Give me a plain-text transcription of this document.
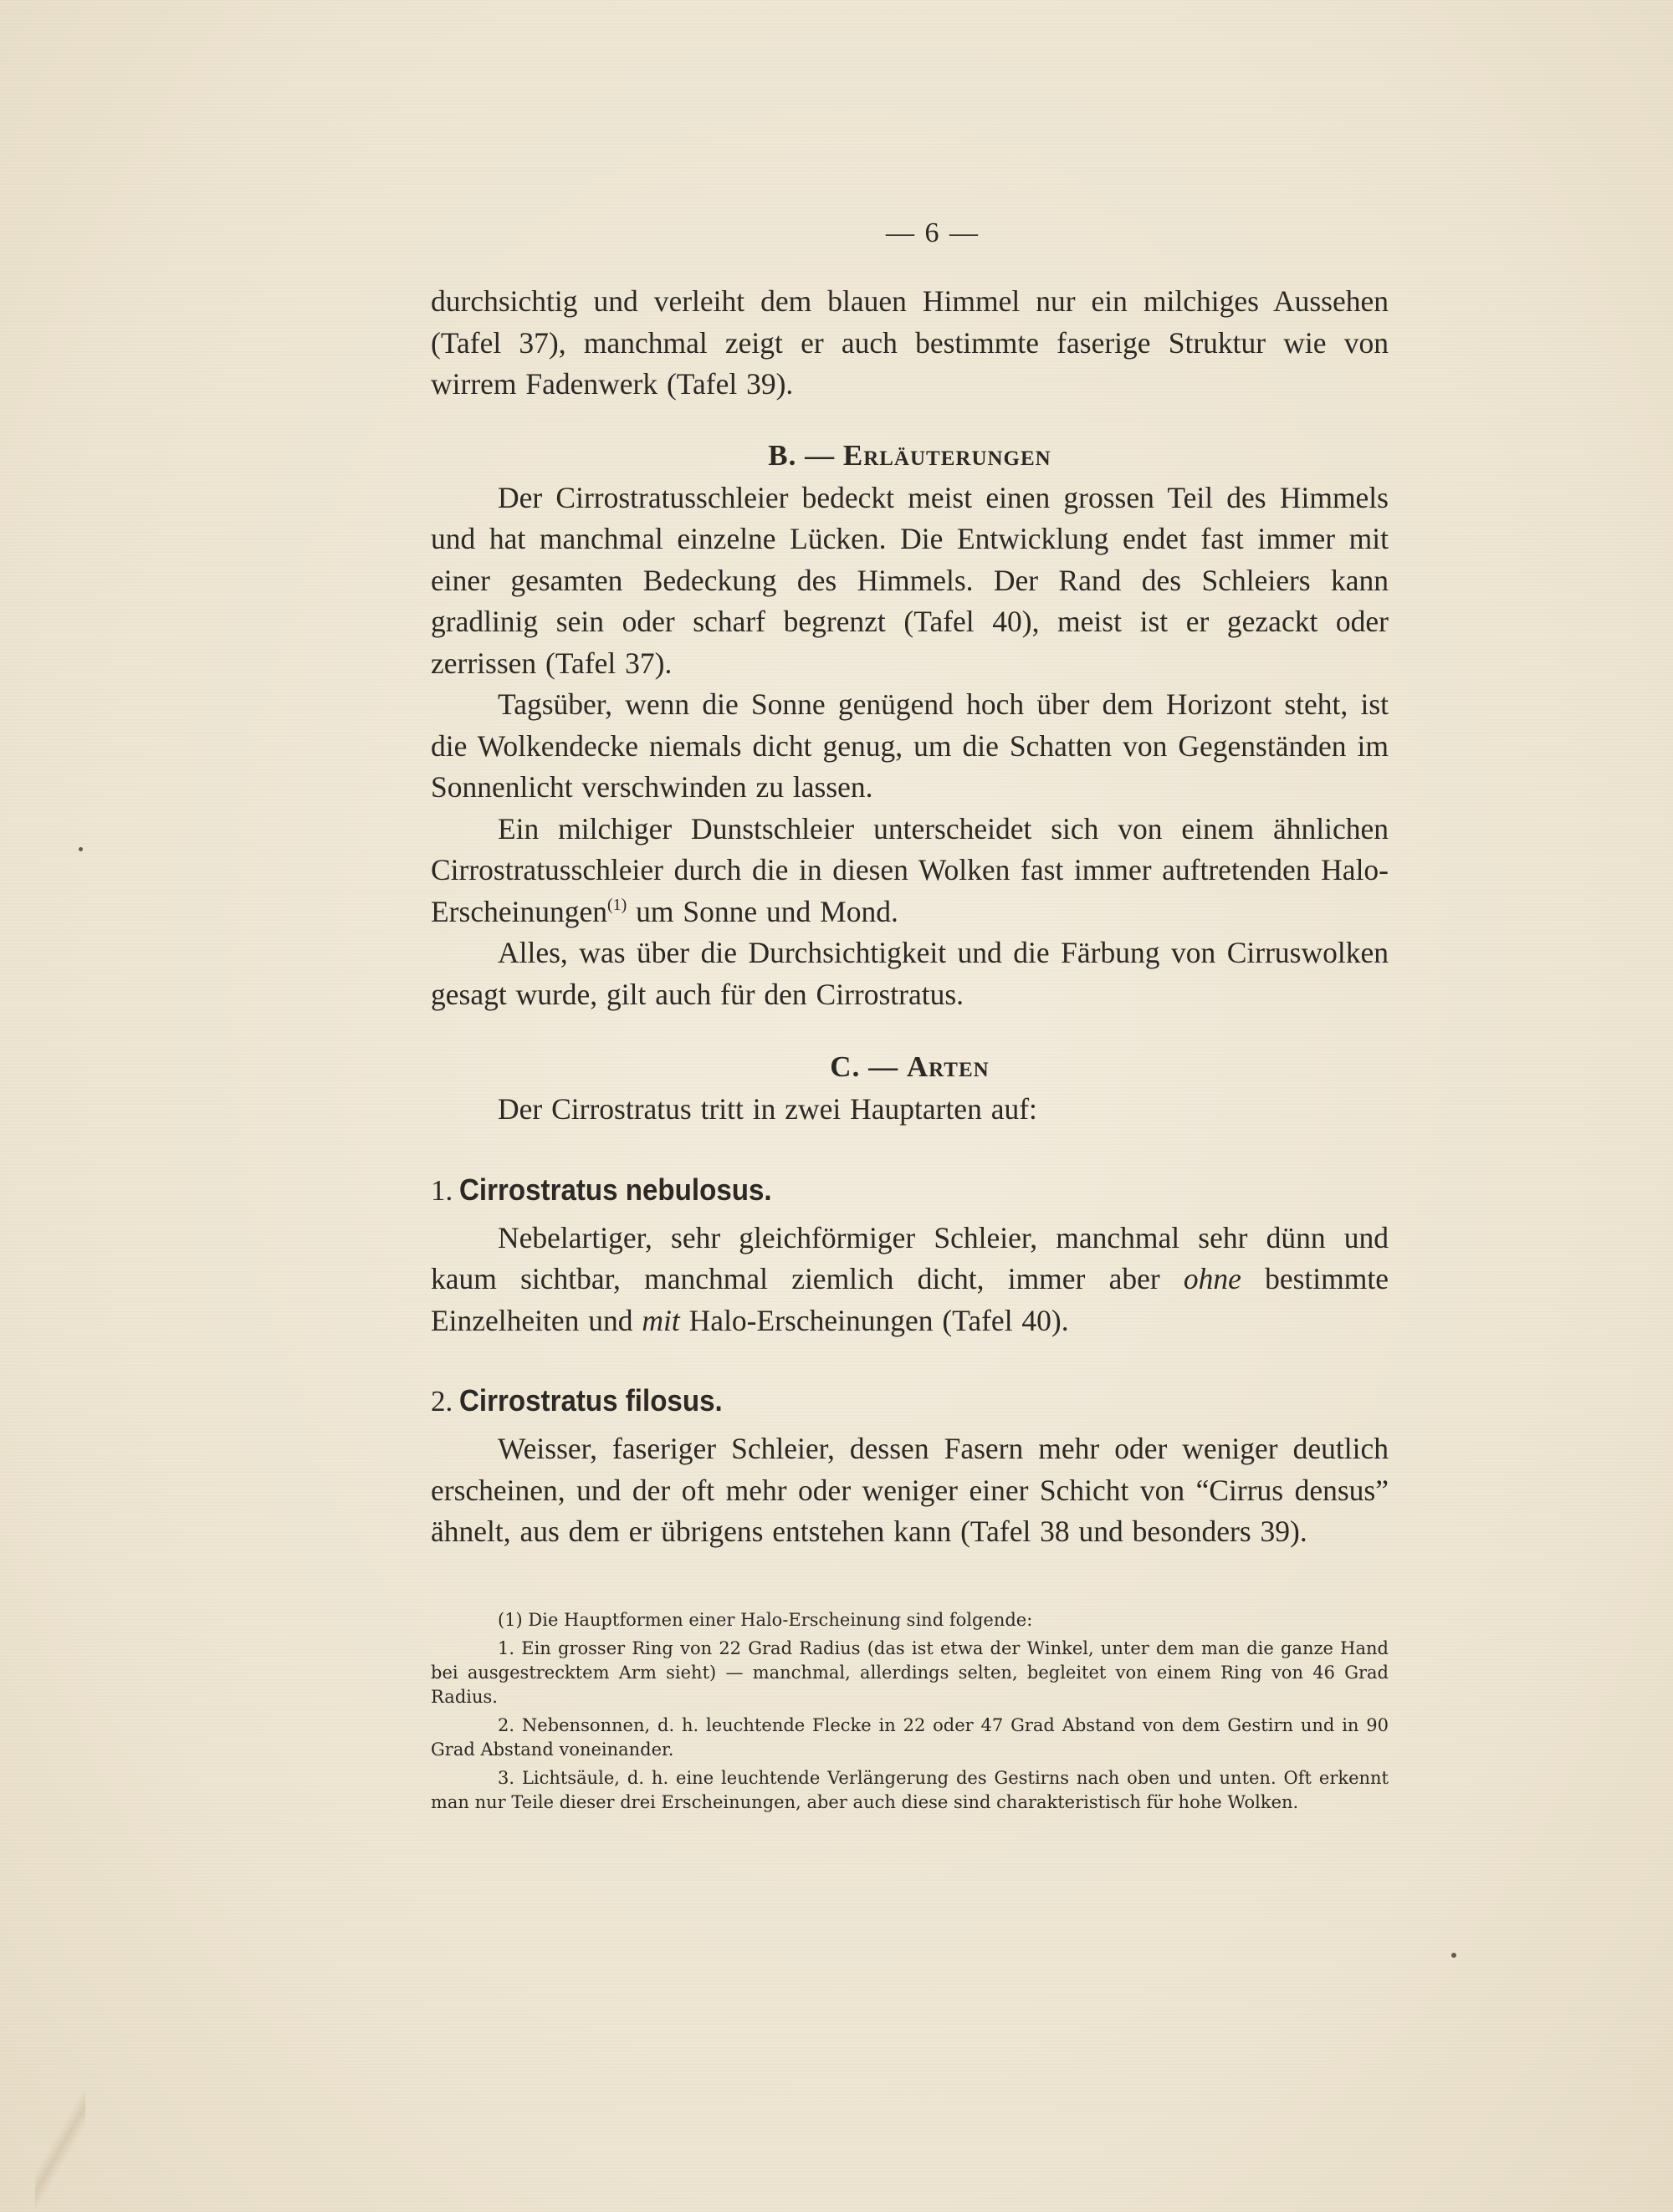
— 6 —

durchsichtig und verleiht dem blauen Himmel nur ein milchiges Aussehen (Tafel 37), manchmal zeigt er auch bestimmte faserige Struktur wie von wirrem Fadenwerk (Tafel 39).

B. — Erläuterungen

Der Cirrostratusschleier bedeckt meist einen grossen Teil des Himmels und hat manchmal einzelne Lücken. Die Entwicklung endet fast immer mit einer gesamten Bedeckung des Himmels. Der Rand des Schleiers kann gradlinig sein oder scharf begrenzt (Tafel 40), meist ist er gezackt oder zerrissen (Tafel 37).

Tagsüber, wenn die Sonne genügend hoch über dem Horizont steht, ist die Wolkendecke niemals dicht genug, um die Schatten von Gegenständen im Sonnenlicht verschwinden zu lassen.

Ein milchiger Dunstschleier unterscheidet sich von einem ähnlichen Cirrostratusschleier durch die in diesen Wolken fast immer auftretenden Halo-Erscheinungen$^{(1)}$ um Sonne und Mond.

Alles, was über die Durchsichtigkeit und die Färbung von Cirruswolken gesagt wurde, gilt auch für den Cirrostratus.

C. — Arten

Der Cirrostratus tritt in zwei Hauptarten auf:

1. Cirrostratus nebulosus.

Nebelartiger, sehr gleichförmiger Schleier, manchmal sehr dünn und kaum sichtbar, manchmal ziemlich dicht, immer aber ohne bestimmte Einzelheiten und mit Halo-Erscheinungen (Tafel 40).

2. Cirrostratus filosus.

Weisser, faseriger Schleier, dessen Fasern mehr oder weniger deutlich erscheinen, und der oft mehr oder weniger einer Schicht von “Cirrus densus” ähnelt, aus dem er übrigens entstehen kann (Tafel 38 und besonders 39).

(1) Die Hauptformen einer Halo-Erscheinung sind folgende:

1. Ein grosser Ring von 22 Grad Radius (das ist etwa der Winkel, unter dem man die ganze Hand bei ausgestrecktem Arm sieht) — manchmal, allerdings selten, begleitet von einem Ring von 46 Grad Radius.

2. Nebensonnen, d. h. leuchtende Flecke in 22 oder 47 Grad Abstand von dem Gestirn und in 90 Grad Abstand voneinander.

3. Lichtsäule, d. h. eine leuchtende Verlängerung des Gestirns nach oben und unten. Oft erkennt man nur Teile dieser drei Erscheinungen, aber auch diese sind charakteristisch für hohe Wolken.
